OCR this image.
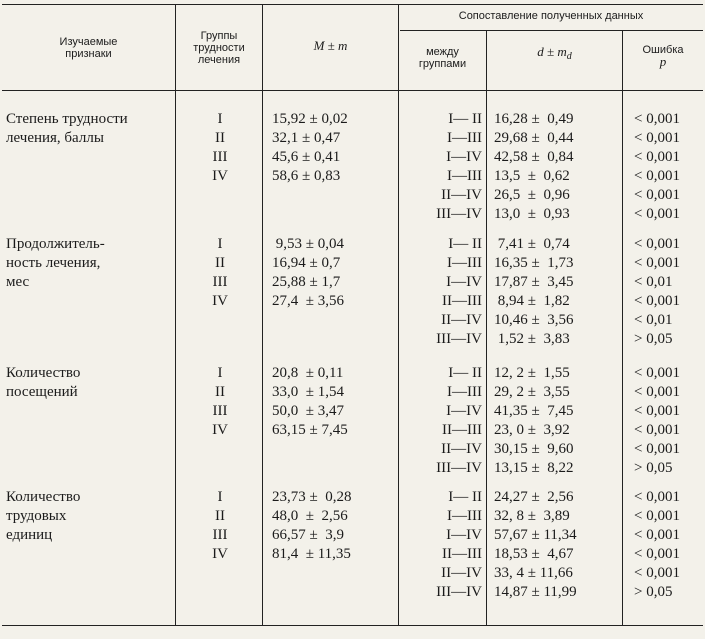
Изучаемые
признаки
Группы
трудности
лечения
M ± m
Сопоставление полученных данных
между
группами
$d \pm m_d$
Ошибка
p
Степень трудности
лечения, баллы
I
II
III
IV
15,92 ± 0,02
32,1 ± 0,47
45,6 ± 0,41
58,6 ± 0,83
I— II
I—III
I—IV
I—III
II—IV
III—IV
16,28 ±  0,49
29,68 ±  0,44
42,58 ±  0,84
13,5  ±  0,62
26,5  ±  0,96
13,0  ±  0,93
< 0,001
< 0,001
< 0,001
< 0,001
< 0,001
< 0,001
Продолжитель-
ность лечения,
мес
I
II
III
IV
9,53 ± 0,04
16,94 ± 0,7
25,88 ± 1,7
27,4  ± 3,56
I— II
I—III
I—IV
II—III
II—IV
III—IV
7,41 ±  0,74
16,35 ±  1,73
17,87 ±  3,45
8,94 ±  1,82
10,46 ±  3,56
1,52 ±  3,83
< 0,001
< 0,001
< 0,01
< 0,001
< 0,01
> 0,05
Количество
посещений
I
II
III
IV
20,8  ± 0,11
33,0  ± 1,54
50,0  ± 3,47
63,15 ± 7,45
I— II
I—III
I—IV
II—III
II—IV
III—IV
12, 2 ±  1,55
29, 2 ±  3,55
41,35 ±  7,45
23, 0 ±  3,92
30,15 ±  9,60
13,15 ±  8,22
< 0,001
< 0,001
< 0,001
< 0,001
< 0,001
> 0,05
Количество
трудовых
единиц
I
II
III
IV
23,73 ±  0,28
48,0  ±  2,56
66,57 ±  3,9
81,4  ± 11,35
I— II
I—III
I—IV
II—III
II—IV
III—IV
24,27 ±  2,56
32, 8 ±  3,89
57,67 ± 11,34
18,53 ±  4,67
33, 4 ± 11,66
14,87 ± 11,99
< 0,001
< 0,001
< 0,001
< 0,001
< 0,001
> 0,05
